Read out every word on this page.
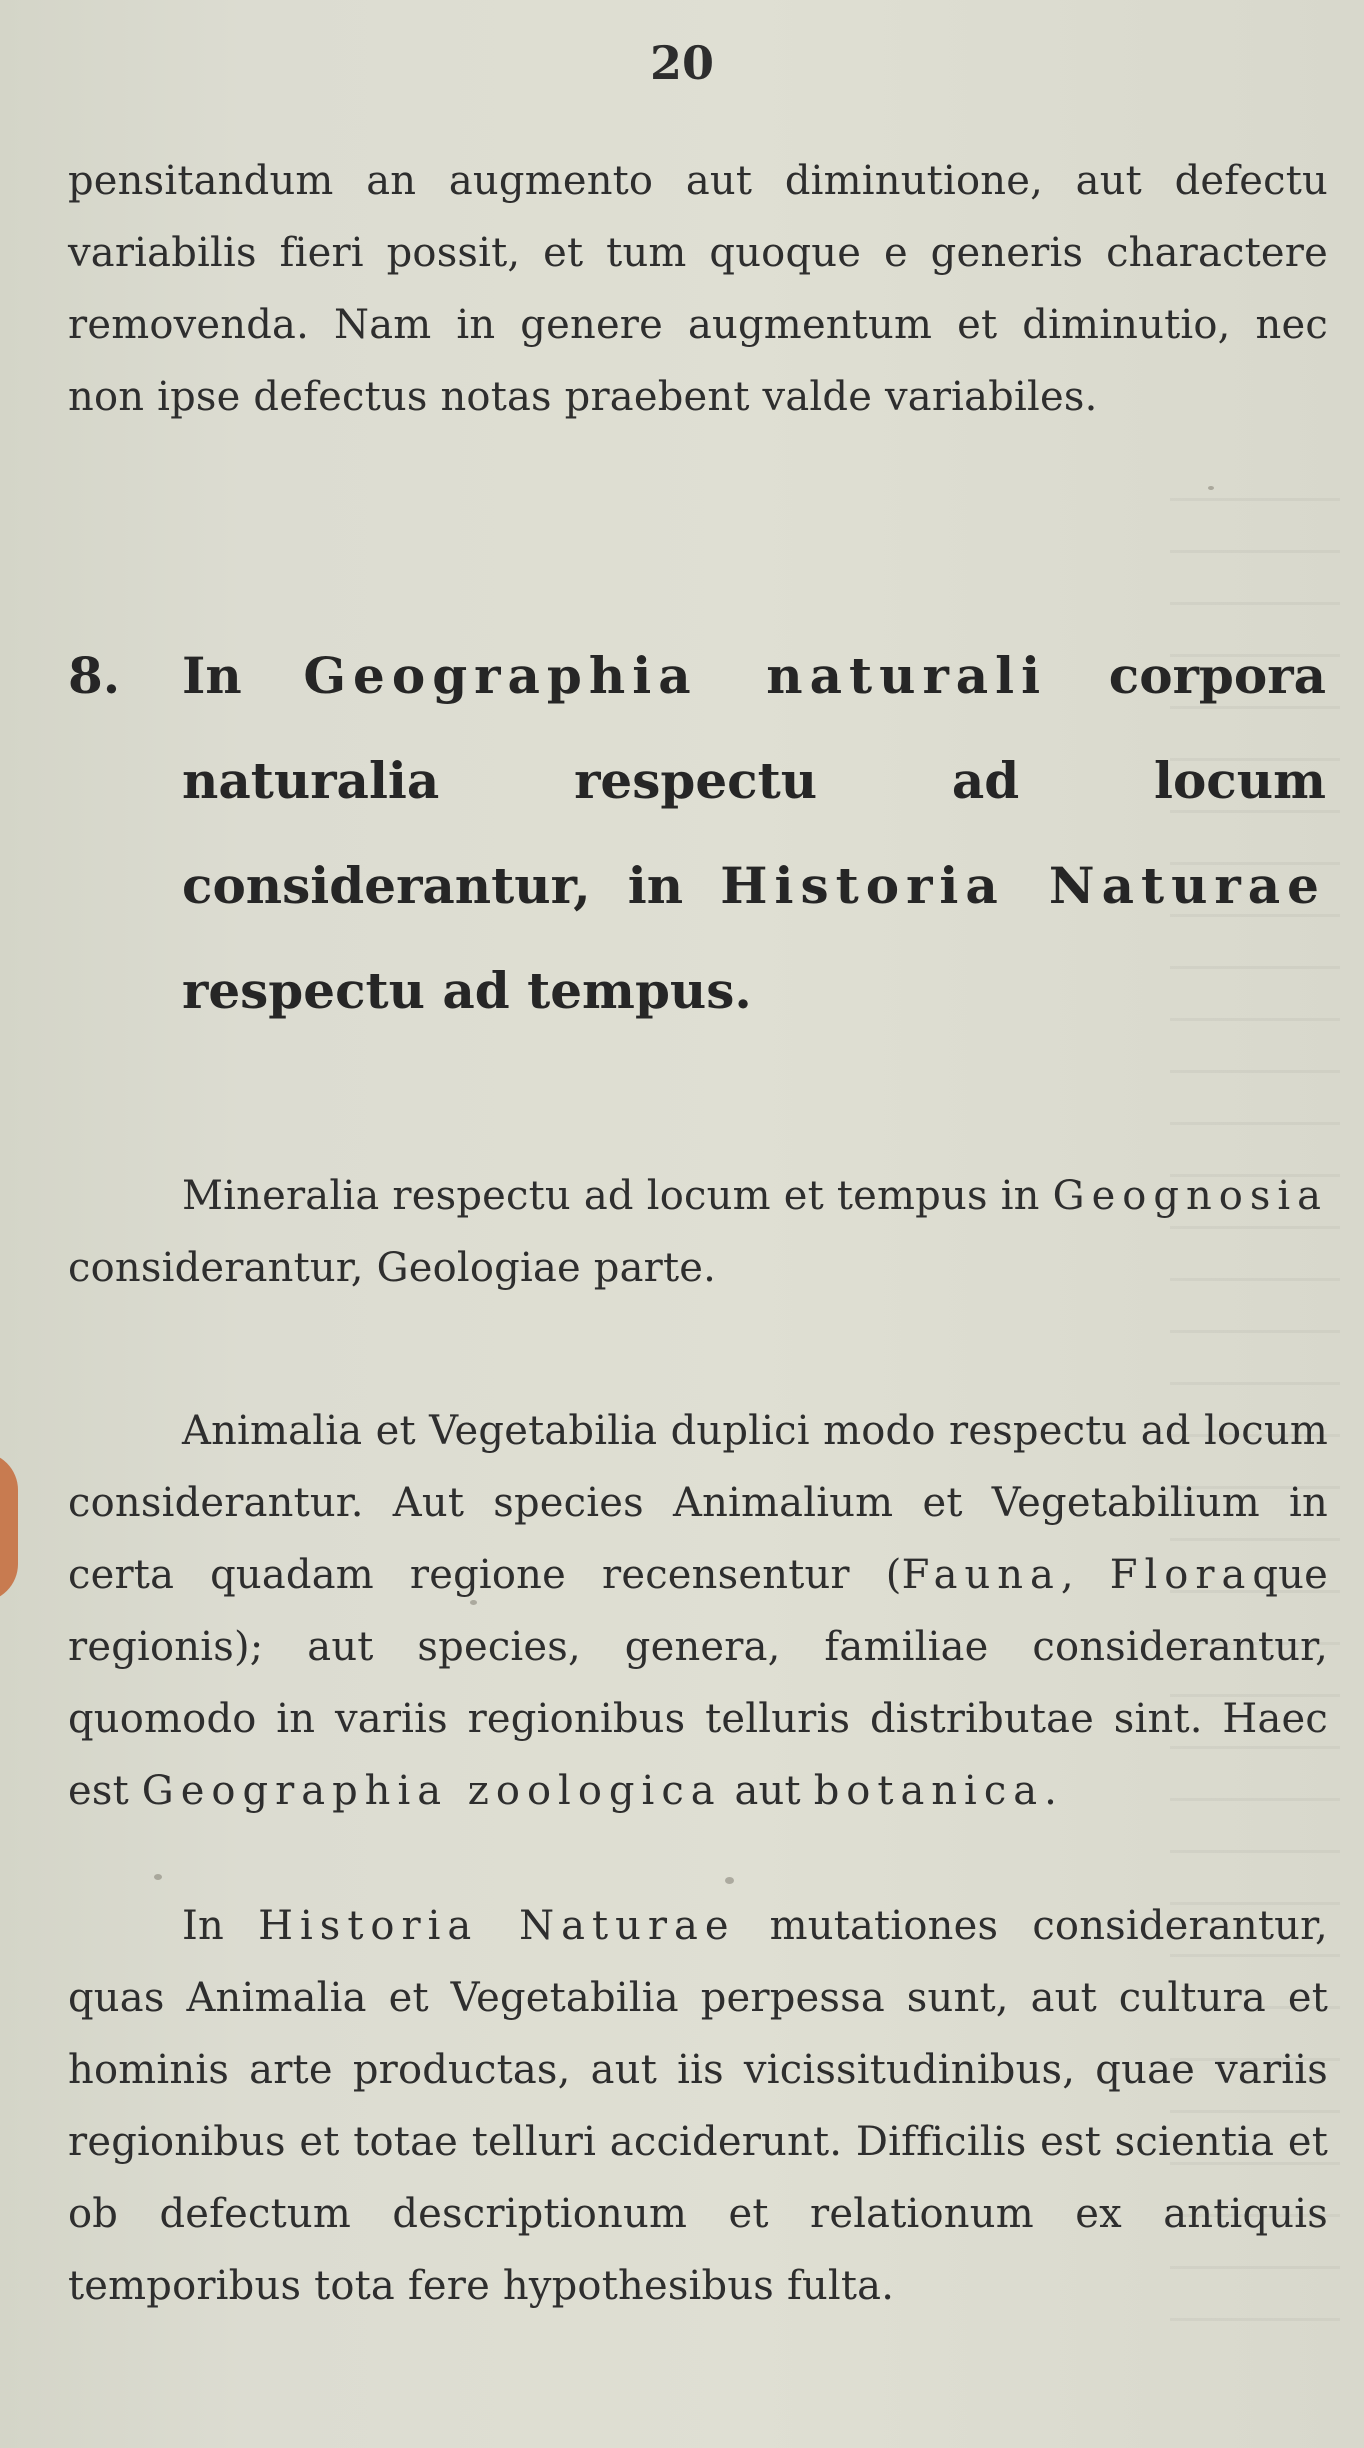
20
pensitandum an augmento aut diminutione, aut defectu variabilis fieri possit, et tum quoque e generis charactere removenda. Nam in genere augmentum et diminutio, nec non ipse defectus notas praebent valde variabiles.
8. In Geographia naturali corpora naturalia respectu ad locum considerantur, in Historia Naturae respectu ad tempus.
Mineralia respectu ad locum et tempus in Geognosia considerantur, Geologiae parte.
Animalia et Vegetabilia duplici modo respectu ad locum considerantur. Aut species Animalium et Vegetabilium in certa quadam regione recensentur (Fauna, Floraque regionis); aut species, genera, familiae considerantur, quomodo in variis regionibus telluris distributae sint. Haec est Geographia zoologica aut botanica.
In Historia Naturae mutationes considerantur, quas Animalia et Vegetabilia perpessa sunt, aut cultura et hominis arte productas, aut iis vicissitudinibus, quae variis regionibus et totae telluri acciderunt. Difficilis est scientia et ob defectum descriptionum et relationum ex antiquis temporibus tota fere hypothesibus fulta.
